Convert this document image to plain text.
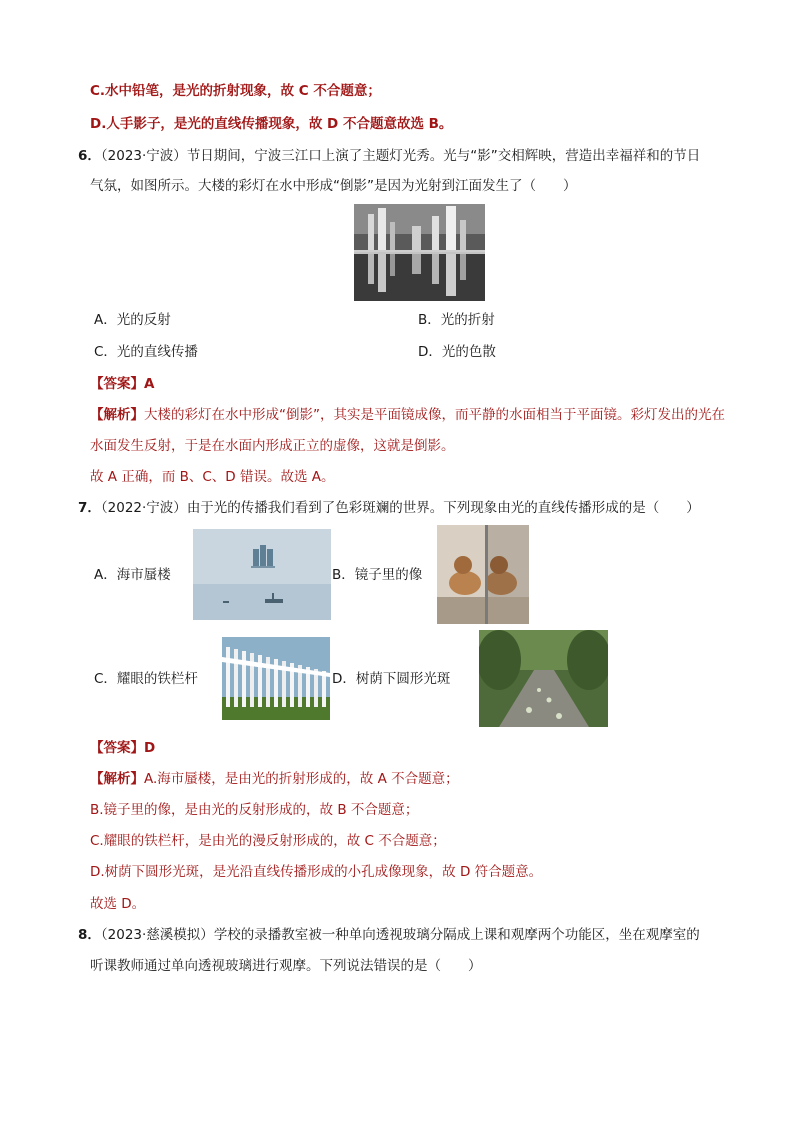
C.水中铅笔，是光的折射现象，故 C 不合题意；
D.人手影子，是光的直线传播现象，故 D 不合题意故选 B。
6．（2023·宁波）节日期间，宁波三江口上演了主题灯光秀。光与“影”交相辉映，营造出幸福祥和的节日
气氛，如图所示。大楼的彩灯在水中形成“倒影”是因为光射到江面发生了（　　）
A．光的反射	B．光的折射
C．光的直线传播	D．光的色散
【答案】A
【解析】大楼的彩灯在水中形成“倒影”，其实是平面镜成像，而平静的水面相当于平面镜。彩灯发出的光在
水面发生反射，于是在水面内形成正立的虚像，这就是倒影。
故 A 正确，而 B、C、D 错误。故选 A。
7．（2022·宁波）由于光的传播我们看到了色彩斑斓的世界。下列现象由光的直线传播形成的是（　　）
A．海市蜃楼	B．镜子里的像
C．耀眼的铁栏杆	D．树荫下圆形光斑
【答案】D
【解析】A.海市蜃楼，是由光的折射形成的，故 A 不合题意；
B.镜子里的像，是由光的反射形成的，故 B 不合题意；
C.耀眼的铁栏杆，是由光的漫反射形成的，故 C 不合题意；
D.树荫下圆形光斑，是光沿直线传播形成的小孔成像现象，故 D 符合题意。
故选 D。
8．（2023·慈溪模拟）学校的录播教室被一种单向透视玻璃分隔成上课和观摩两个功能区，坐在观摩室的
听课教师通过单向透视玻璃进行观摩。下列说法错误的是（　　）
